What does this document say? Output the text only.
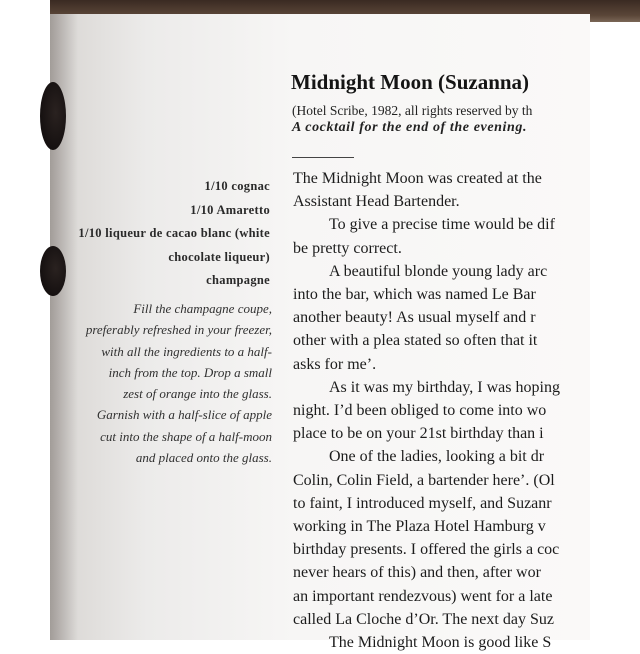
Midnight Moon (Suzanna)
(Hotel Scribe, 1982, all rights reserved by th
A cocktail for the end of the evening.
1/10 cognac
1/10 Amaretto
1/10 liqueur de cacao blanc (white
chocolate liqueur)
champagne
Fill the champagne coupe,
preferably refreshed in your freezer,
with all the ingredients to a half-
inch from the top. Drop a small
zest of orange into the glass.
Garnish with a half-slice of apple
cut into the shape of a half-moon
and placed onto the glass.
The Midnight Moon was created at the
Assistant Head Bartender.
To give a precise time would be dif
be pretty correct.
A beautiful blonde young lady arc
into the bar, which was named Le Bar
another beauty! As usual myself and r
other with a plea stated so often that it
asks for me’.
As it was my birthday, I was hoping
night. I’d been obliged to come into wo
place to be on your 21st birthday than i
One of the ladies, looking a bit dr
Colin, Colin Field, a bartender here’. (Ol
to faint, I introduced myself, and Suzanr
working in The Plaza Hotel Hamburg v
birthday presents. I offered the girls a coc
never hears of this) and then, after wor
an important rendezvous) went for a late
called La Cloche d’Or. The next day Suz
The Midnight Moon is good like S
